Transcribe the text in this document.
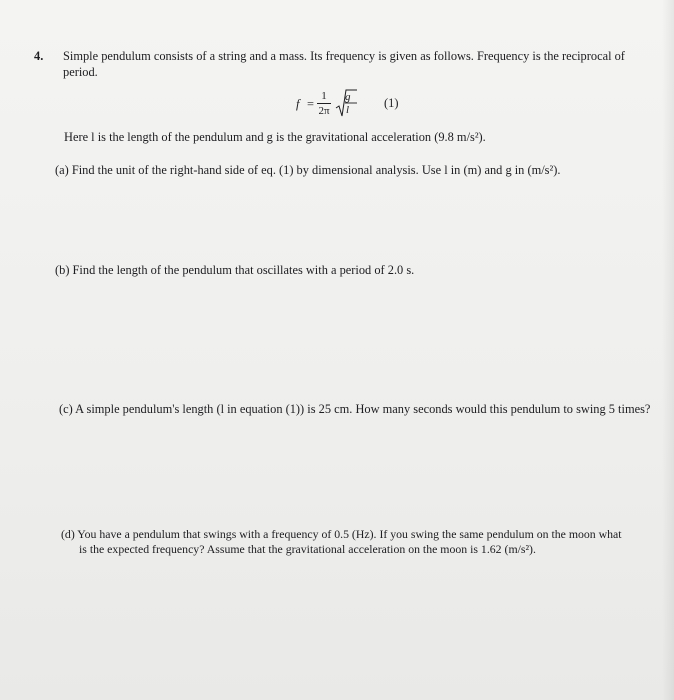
4. Simple pendulum consists of a string and a mass. Its frequency is given as follows. Frequency is the reciprocal of
period.
f =
1
2π
g
l	(1)
Here l is the length of the pendulum and g is the gravitational acceleration (9.8 m/s²).
(a) Find the unit of the right-hand side of eq. (1) by dimensional analysis. Use l in (m) and g in (m/s²).
(b) Find the length of the pendulum that oscillates with a period of 2.0 s.
(c) A simple pendulum's length (l in equation (1)) is 25 cm. How many seconds would this pendulum to swing 5 times?
(d) You have a pendulum that swings with a frequency of 0.5 (Hz). If you swing the same pendulum on the moon what
is the expected frequency? Assume that the gravitational acceleration on the moon is 1.62 (m/s²).
